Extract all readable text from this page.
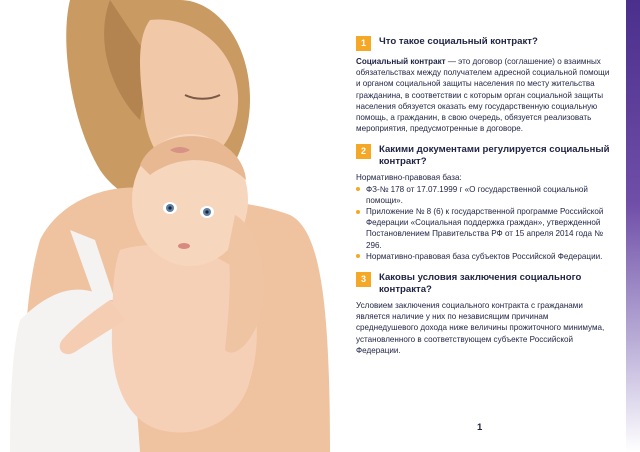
1	Что такое социальный контракт?

Социальный контракт — это договор (соглашение) о взаимных обязательствах между получателем адресной социальной помощи и органом социальной защиты населения по месту жительства гражданина, в соответствии с которым орган социальной защиты населения обязуется оказать ему государственную социальную помощь, а гражданин, в свою очередь, обязуется реализовать мероприятия, предусмотренные в договоре.

2	Какими документами регулируется социальный контракт?

Нормативно-правовая база:

ФЗ-№ 178 от 17.07.1999 г «О государственной социальной помощи».
Приложение № 8 (6) к государственной программе Российской Федерации «Социальная поддержка граждан», утвержденной Постановлением Правительства РФ от 15 апреля 2014 года № 296.
Нормативно-правовая база субъектов Российской Федерации.
3	Каковы условия заключения социального контракта?

Условием заключения социального контракта с гражданами является наличие у них по независящим причинам среднедушевого дохода ниже величины прожиточного минимума, установленного в соответствующем субъекте Российской Федерации.

1
